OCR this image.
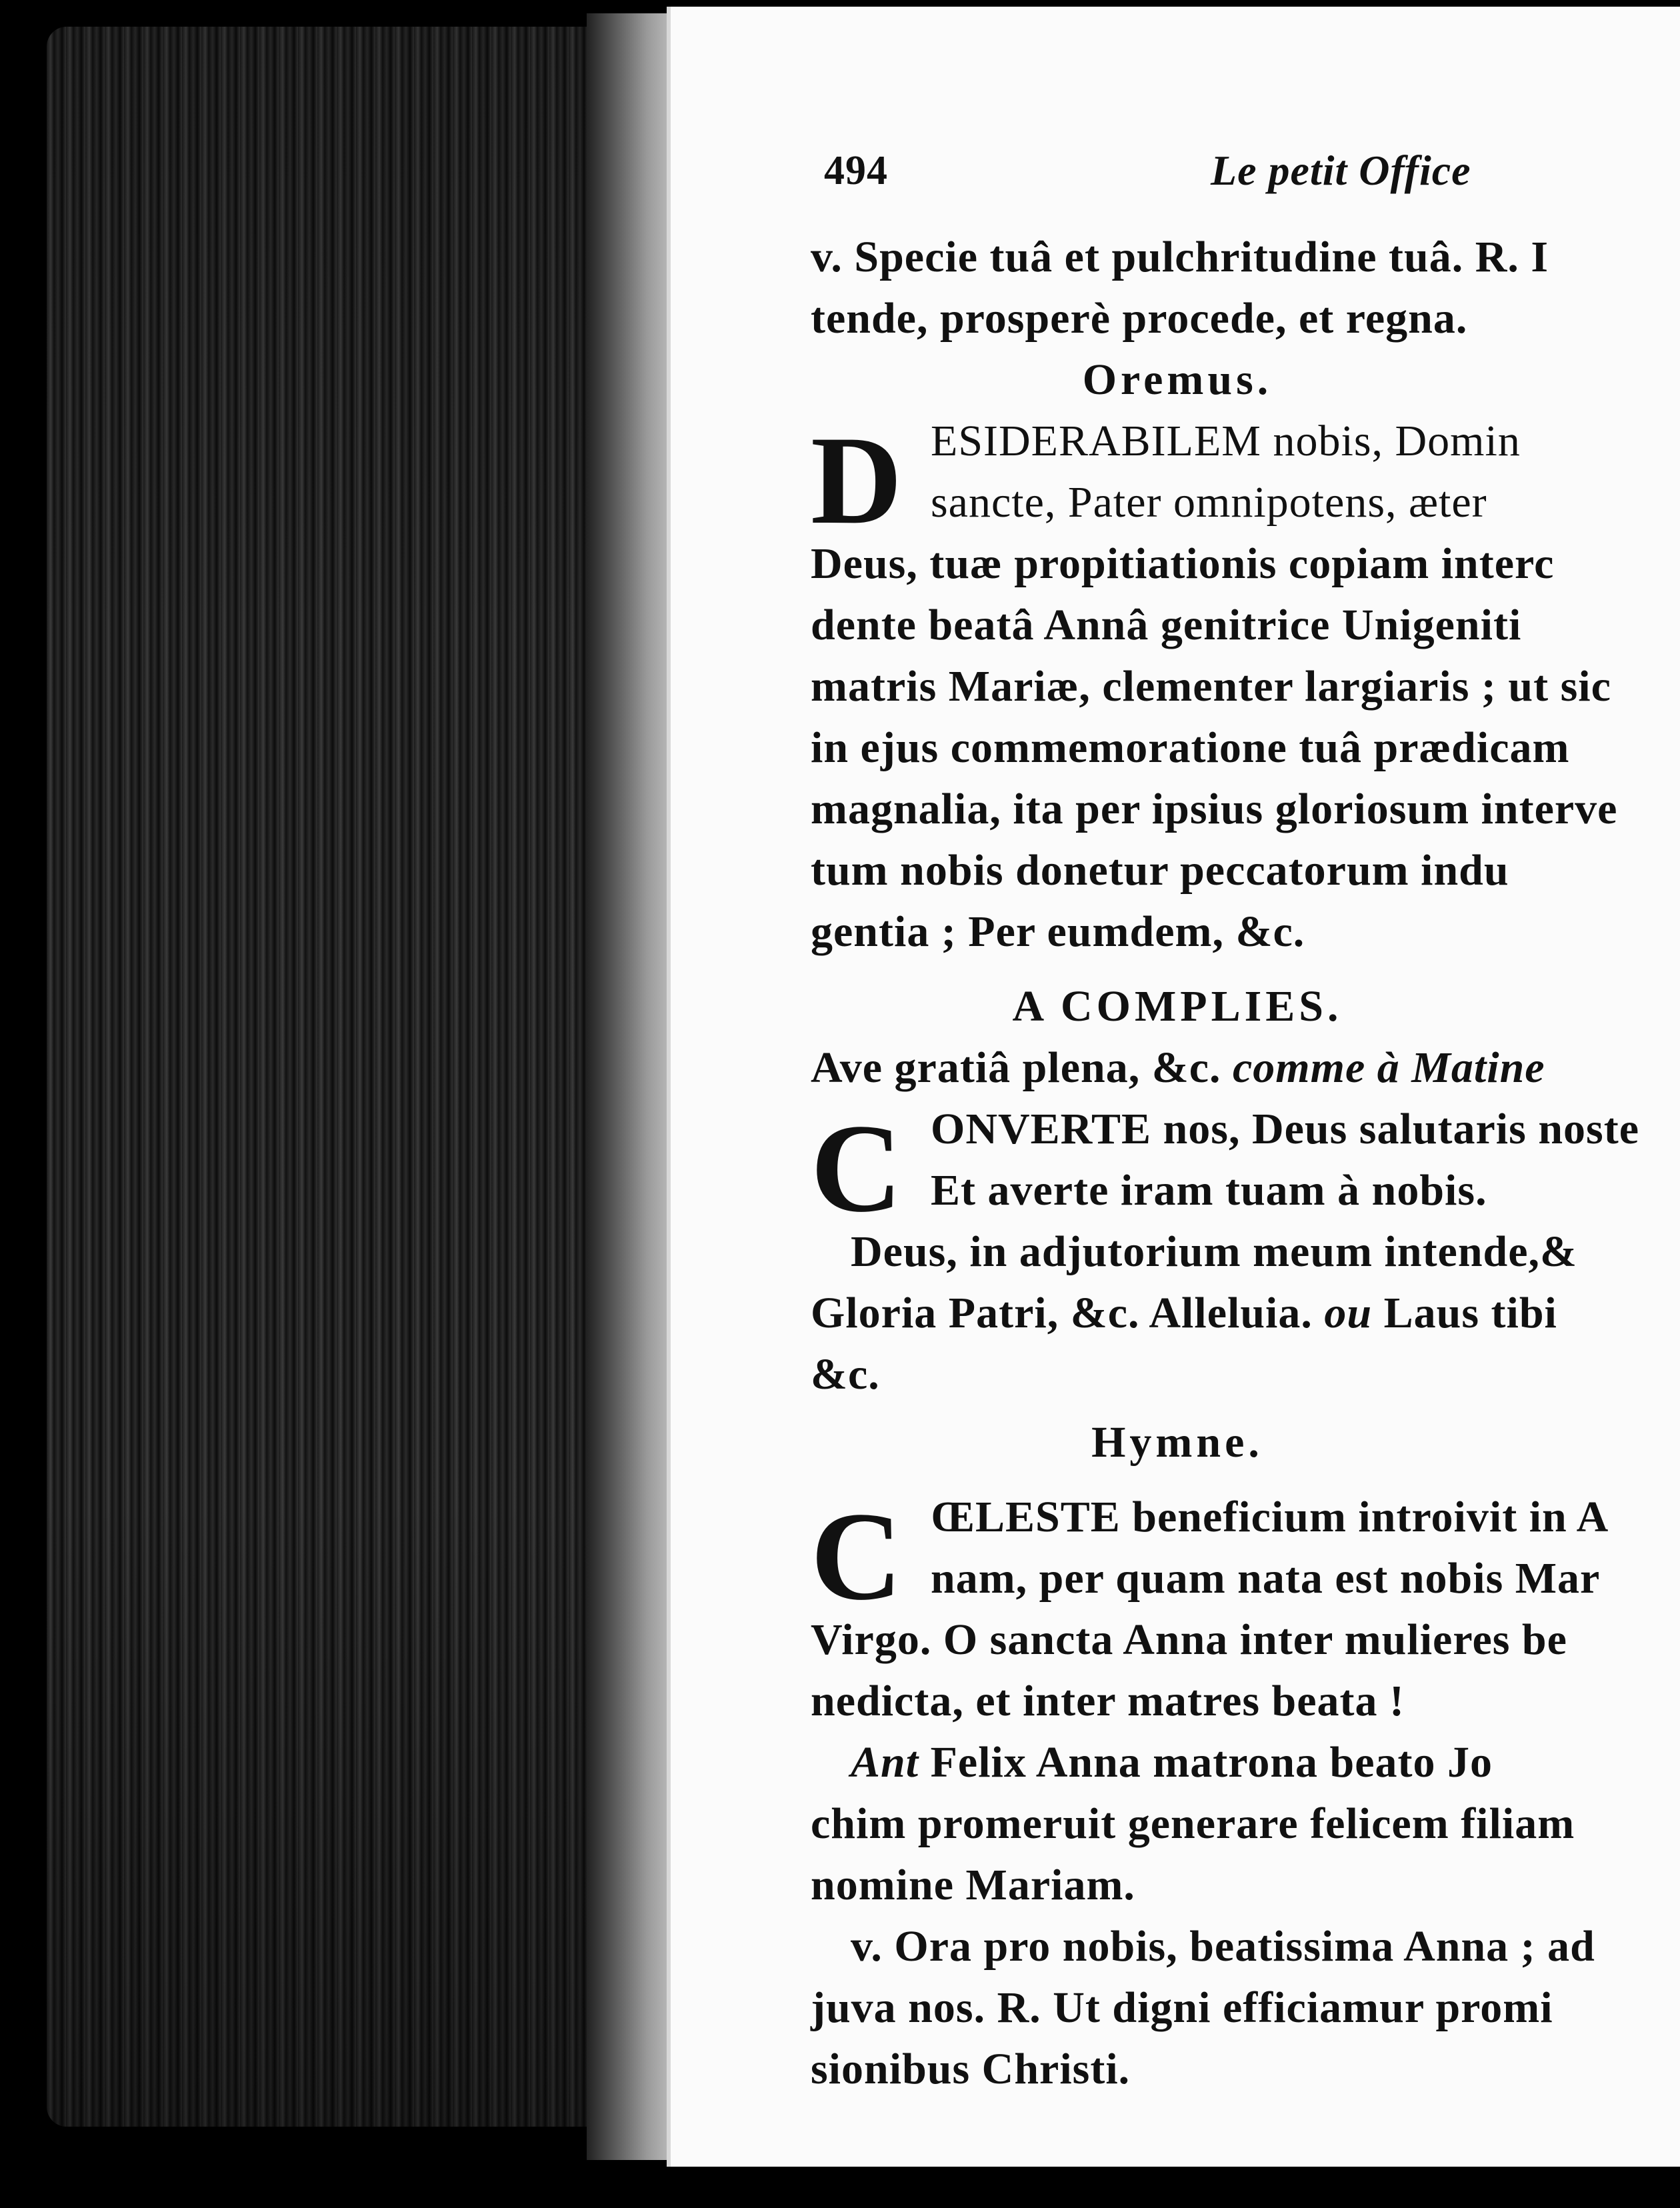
494	Le petit Office
v. Specie tuâ et pulchritudine tuâ. R. I
tende, prosperè procede, et regna.
Oremus.
D ESIDERABILEM nobis, Domin
sancte, Pater omnipotens, æter
Deus, tuæ propitiationis copiam interc
dente beatâ Annâ genitrice Unigeniti
matris Mariæ, clementer largiaris ; ut sic
in ejus commemoratione tuâ prædicam
magnalia, ita per ipsius gloriosum interve
tum nobis donetur peccatorum indu
gentia ; Per eumdem, &c.
A COMPLIES.
Ave gratiâ plena, &c. comme à Matine
C ONVERTE nos, Deus salutaris noste
Et averte iram tuam à nobis.
Deus, in adjutorium meum intende,&
Gloria Patri, &c. Alleluia. ou Laus tibi
&c.
Hymne.
C ŒLESTE beneficium introivit in A
nam, per quam nata est nobis Mar
Virgo. O sancta Anna inter mulieres be
nedicta, et inter matres beata !
Ant Felix Anna matrona beato Jo
chim promeruit generare felicem filiam
nomine Mariam.
v. Ora pro nobis, beatissima Anna ; ad
juva nos. R. Ut digni efficiamur promi
sionibus Christi.
